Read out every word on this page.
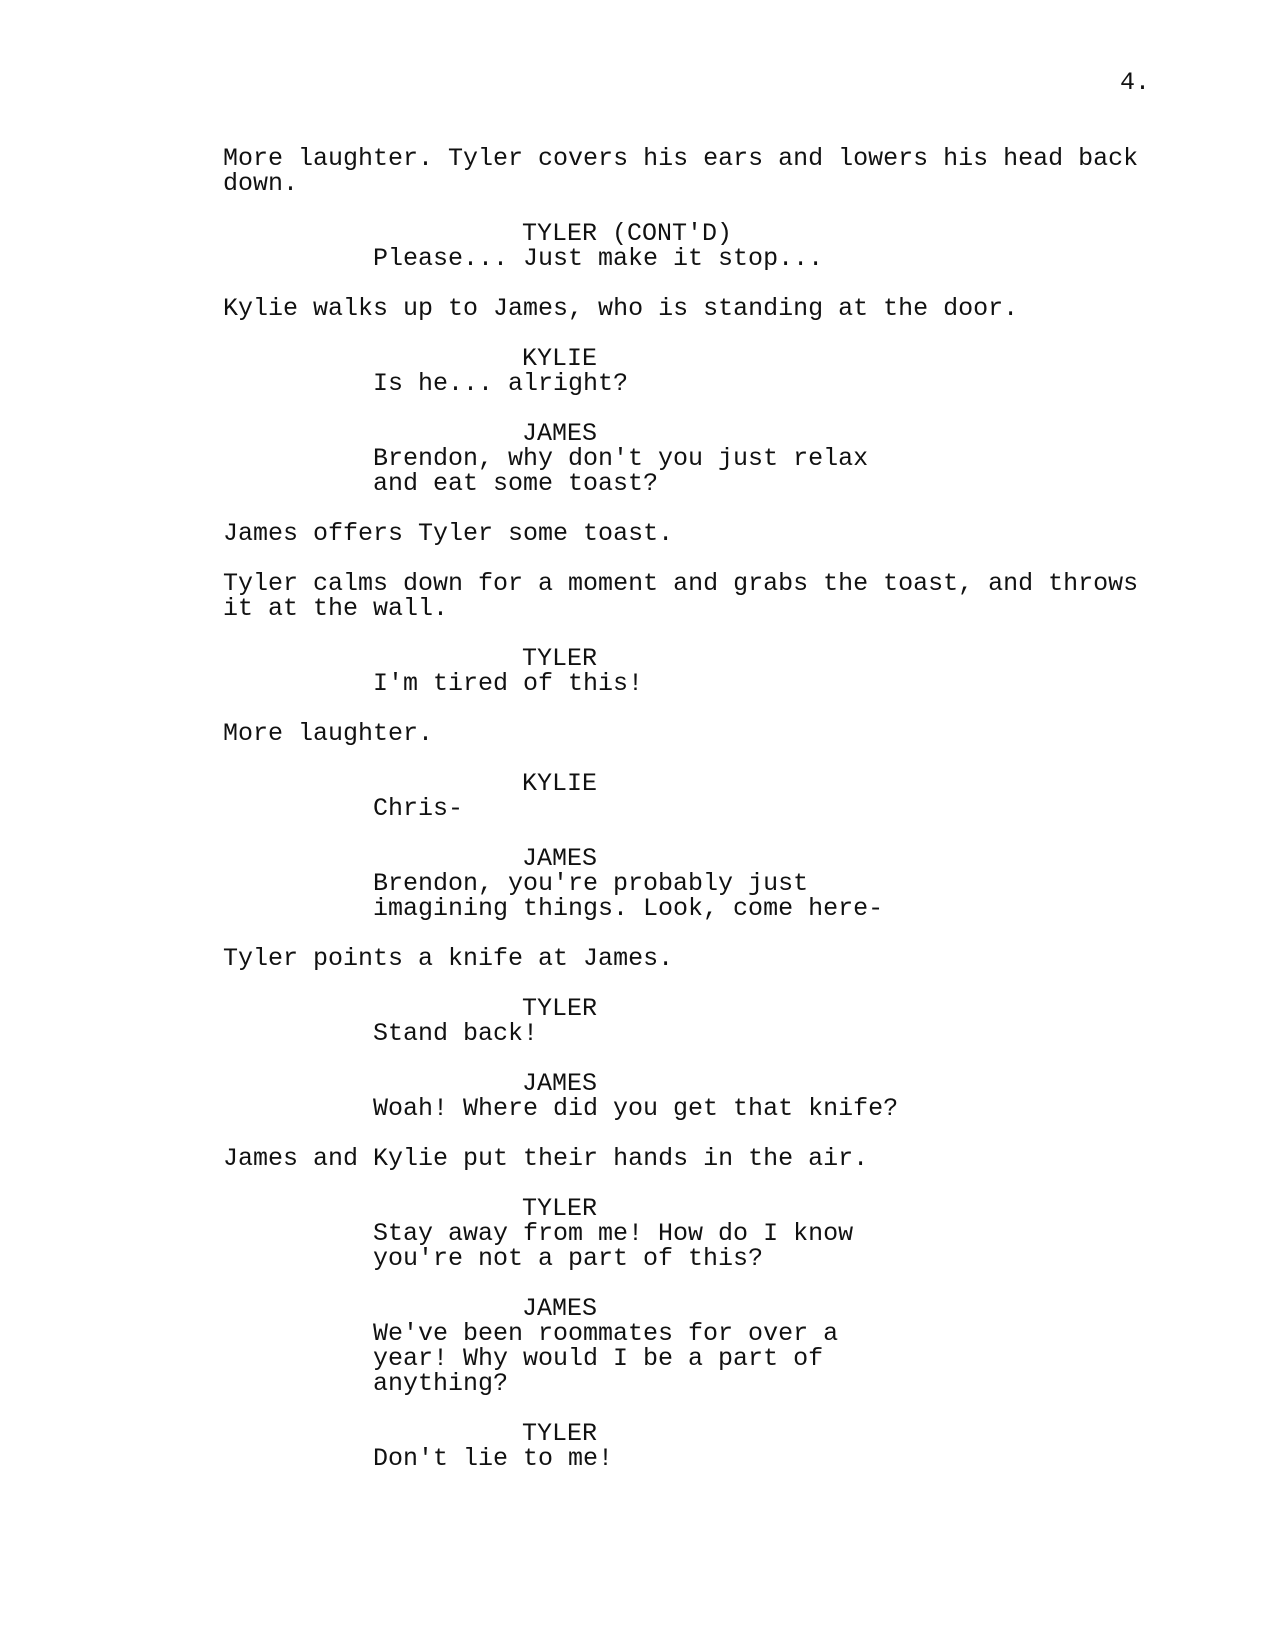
4.
More laughter. Tyler covers his ears and lowers his head back
down.
TYLER (CONT'D)
Please... Just make it stop...
Kylie walks up to James, who is standing at the door.
KYLIE
Is he... alright?
JAMES
Brendon, why don't you just relax
and eat some toast?
James offers Tyler some toast.
Tyler calms down for a moment and grabs the toast, and throws
it at the wall.
TYLER
I'm tired of this!
More laughter.
KYLIE
Chris-
JAMES
Brendon, you're probably just
imagining things. Look, come here-
Tyler points a knife at James.
TYLER
Stand back!
JAMES
Woah! Where did you get that knife?
James and Kylie put their hands in the air.
TYLER
Stay away from me! How do I know
you're not a part of this?
JAMES
We've been roommates for over a
year! Why would I be a part of
anything?
TYLER
Don't lie to me!
